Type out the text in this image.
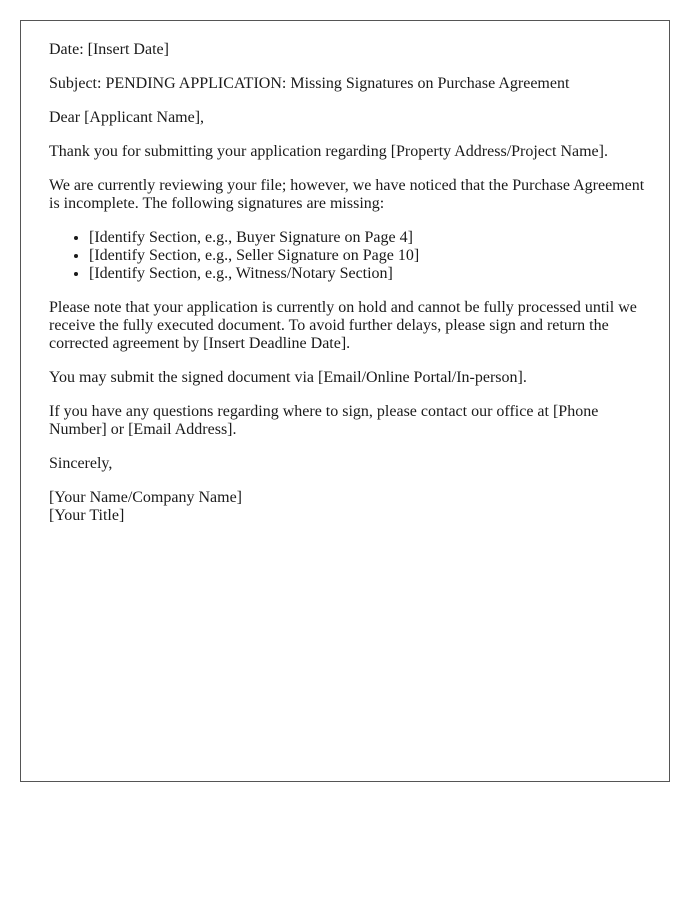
Date: [Insert Date]

Subject: PENDING APPLICATION: Missing Signatures on Purchase Agreement

Dear [Applicant Name],

Thank you for submitting your application regarding [Property Address/Project Name].

We are currently reviewing your file; however, we have noticed that the Purchase Agreement is incomplete. The following signatures are missing:

• [Identify Section, e.g., Buyer Signature on Page 4]
• [Identify Section, e.g., Seller Signature on Page 10]
• [Identify Section, e.g., Witness/Notary Section]

Please note that your application is currently on hold and cannot be fully processed until we receive the fully executed document. To avoid further delays, please sign and return the corrected agreement by [Insert Deadline Date].

You may submit the signed document via [Email/Online Portal/In-person].

If you have any questions regarding where to sign, please contact our office at [Phone Number] or [Email Address].

Sincerely,

[Your Name/Company Name]
[Your Title]
